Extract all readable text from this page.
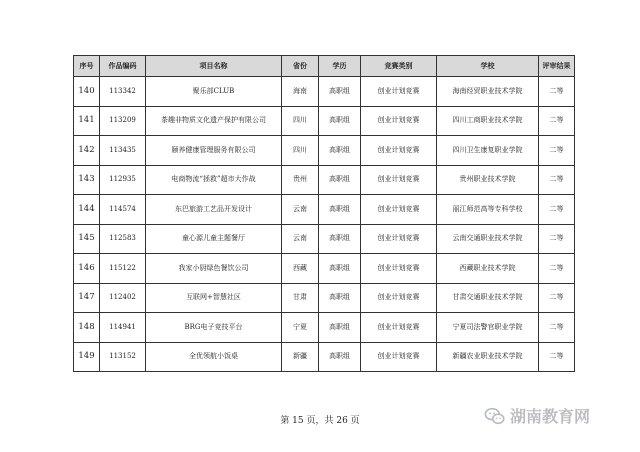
序号	作品编码	项目名称	省份	学历	竞赛类别	学校	评审结果
140	113342	聚乐部CLUB	海南	高职组	创业计划竞赛	海南经贸职业技术学院	二等
141	113209	茶趣非物质文化遗产保护有限公司	四川	高职组	创业计划竞赛	四川工商职业技术学院	二等
142	113435	颐养健康管理服务有限公司	四川	高职组	创业计划竞赛	四川卫生康复职业学院	二等
143	112935	电商物流“拯救”超市大作战	贵州	高职组	创业计划竞赛	贵州职业技术学院	二等
144	114574	东巴旅游工艺品开发设计	云南	高职组	创业计划竞赛	丽江师范高等专科学校	二等
145	112583	童心源儿童主题餐厅	云南	高职组	创业计划竞赛	云南交通职业技术学院	二等
146	115122	我家小厨绿色餐饮公司	西藏	高职组	创业计划竞赛	西藏职业技术学院	二等
147	112402	互联网+智慧社区	甘肃	高职组	创业计划竞赛	甘肃交通职业技术学院	二等
148	114941	BRG电子竞技平台	宁夏	高职组	创业计划竞赛	宁夏司法警官职业学院	二等
149	113152	全优领航小饭桌	新疆	高职组	创业计划竞赛	新疆农业职业技术学院	二等
第 15 页，共 26 页	湖南教育网
